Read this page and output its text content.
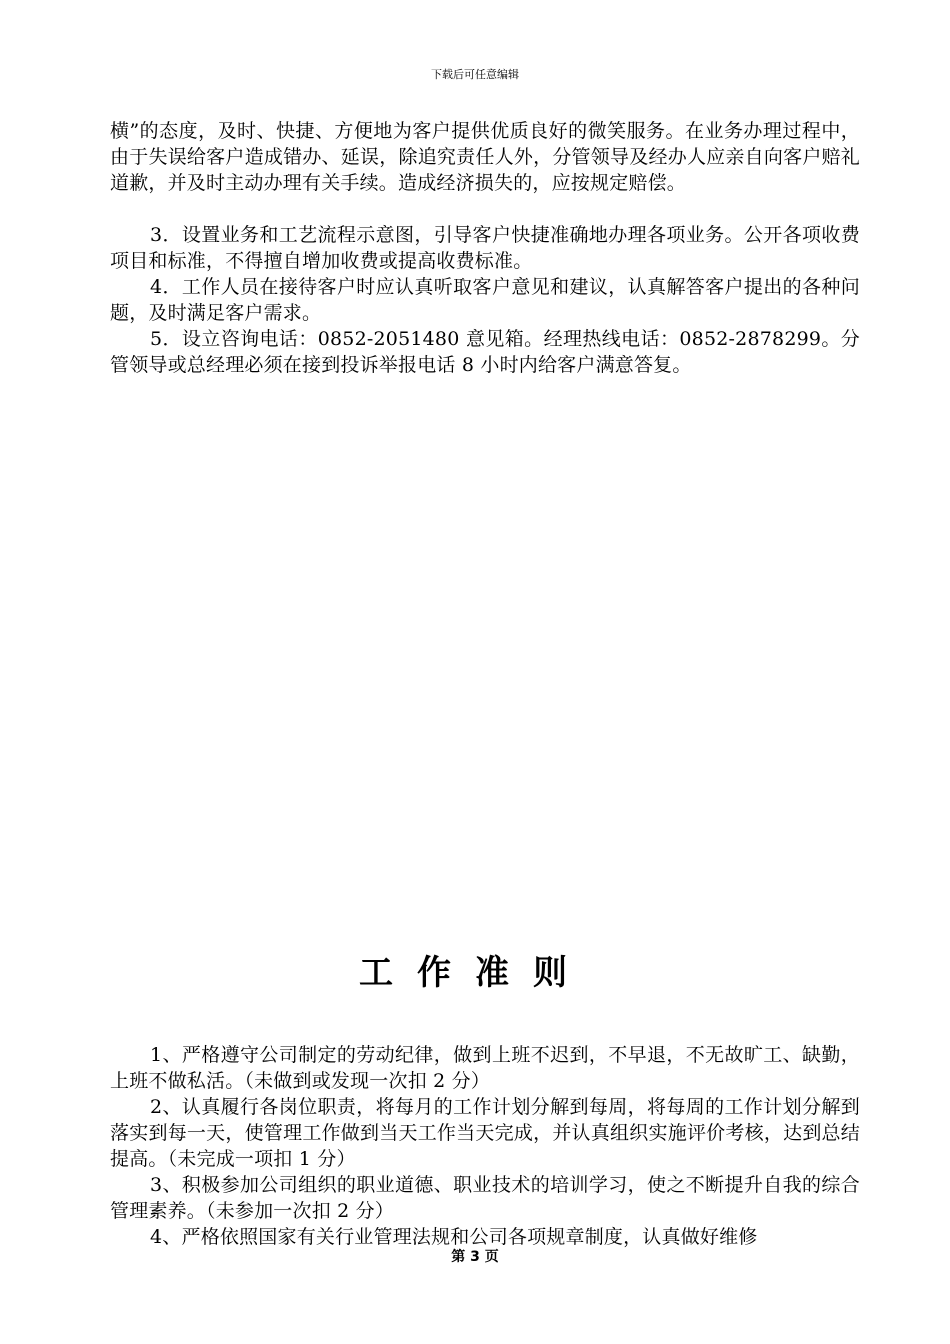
下载后可任意编辑

横”的态度，及时、快捷、方便地为客户提供优质良好的微笑服务。在业务办理过程中，由于失误给客户造成错办、延误，除追究责任人外，分管领导及经办人应亲自向客户赔礼道歉，并及时主动办理有关手续。造成经济损失的，应按规定赔偿。

3．设置业务和工艺流程示意图，引导客户快捷准确地办理各项业务。公开各项收费项目和标准，不得擅自增加收费或提高收费标准。

4．工作人员在接待客户时应认真听取客户意见和建议，认真解答客户提出的各种问题，及时满足客户需求。

5．设立咨询电话：0852-2051480 意见箱。经理热线电话：0852-2878299。分管领导或总经理必须在接到投诉举报电话 8 小时内给客户满意答复。

工作准则

1、严格遵守公司制定的劳动纪律，做到上班不迟到，不早退，不无故旷工、缺勤，上班不做私活。（未做到或发现一次扣 2 分）

2、认真履行各岗位职责，将每月的工作计划分解到每周，将每周的工作计划分解到落实到每一天，使管理工作做到当天工作当天完成，并认真组织实施评价考核，达到总结提高。（未完成一项扣 1 分）

3、积极参加公司组织的职业道德、职业技术的培训学习，使之不断提升自我的综合管理素养。（未参加一次扣 2 分）

4、严格依照国家有关行业管理法规和公司各项规章制度，认真做好维修

第 3 页
